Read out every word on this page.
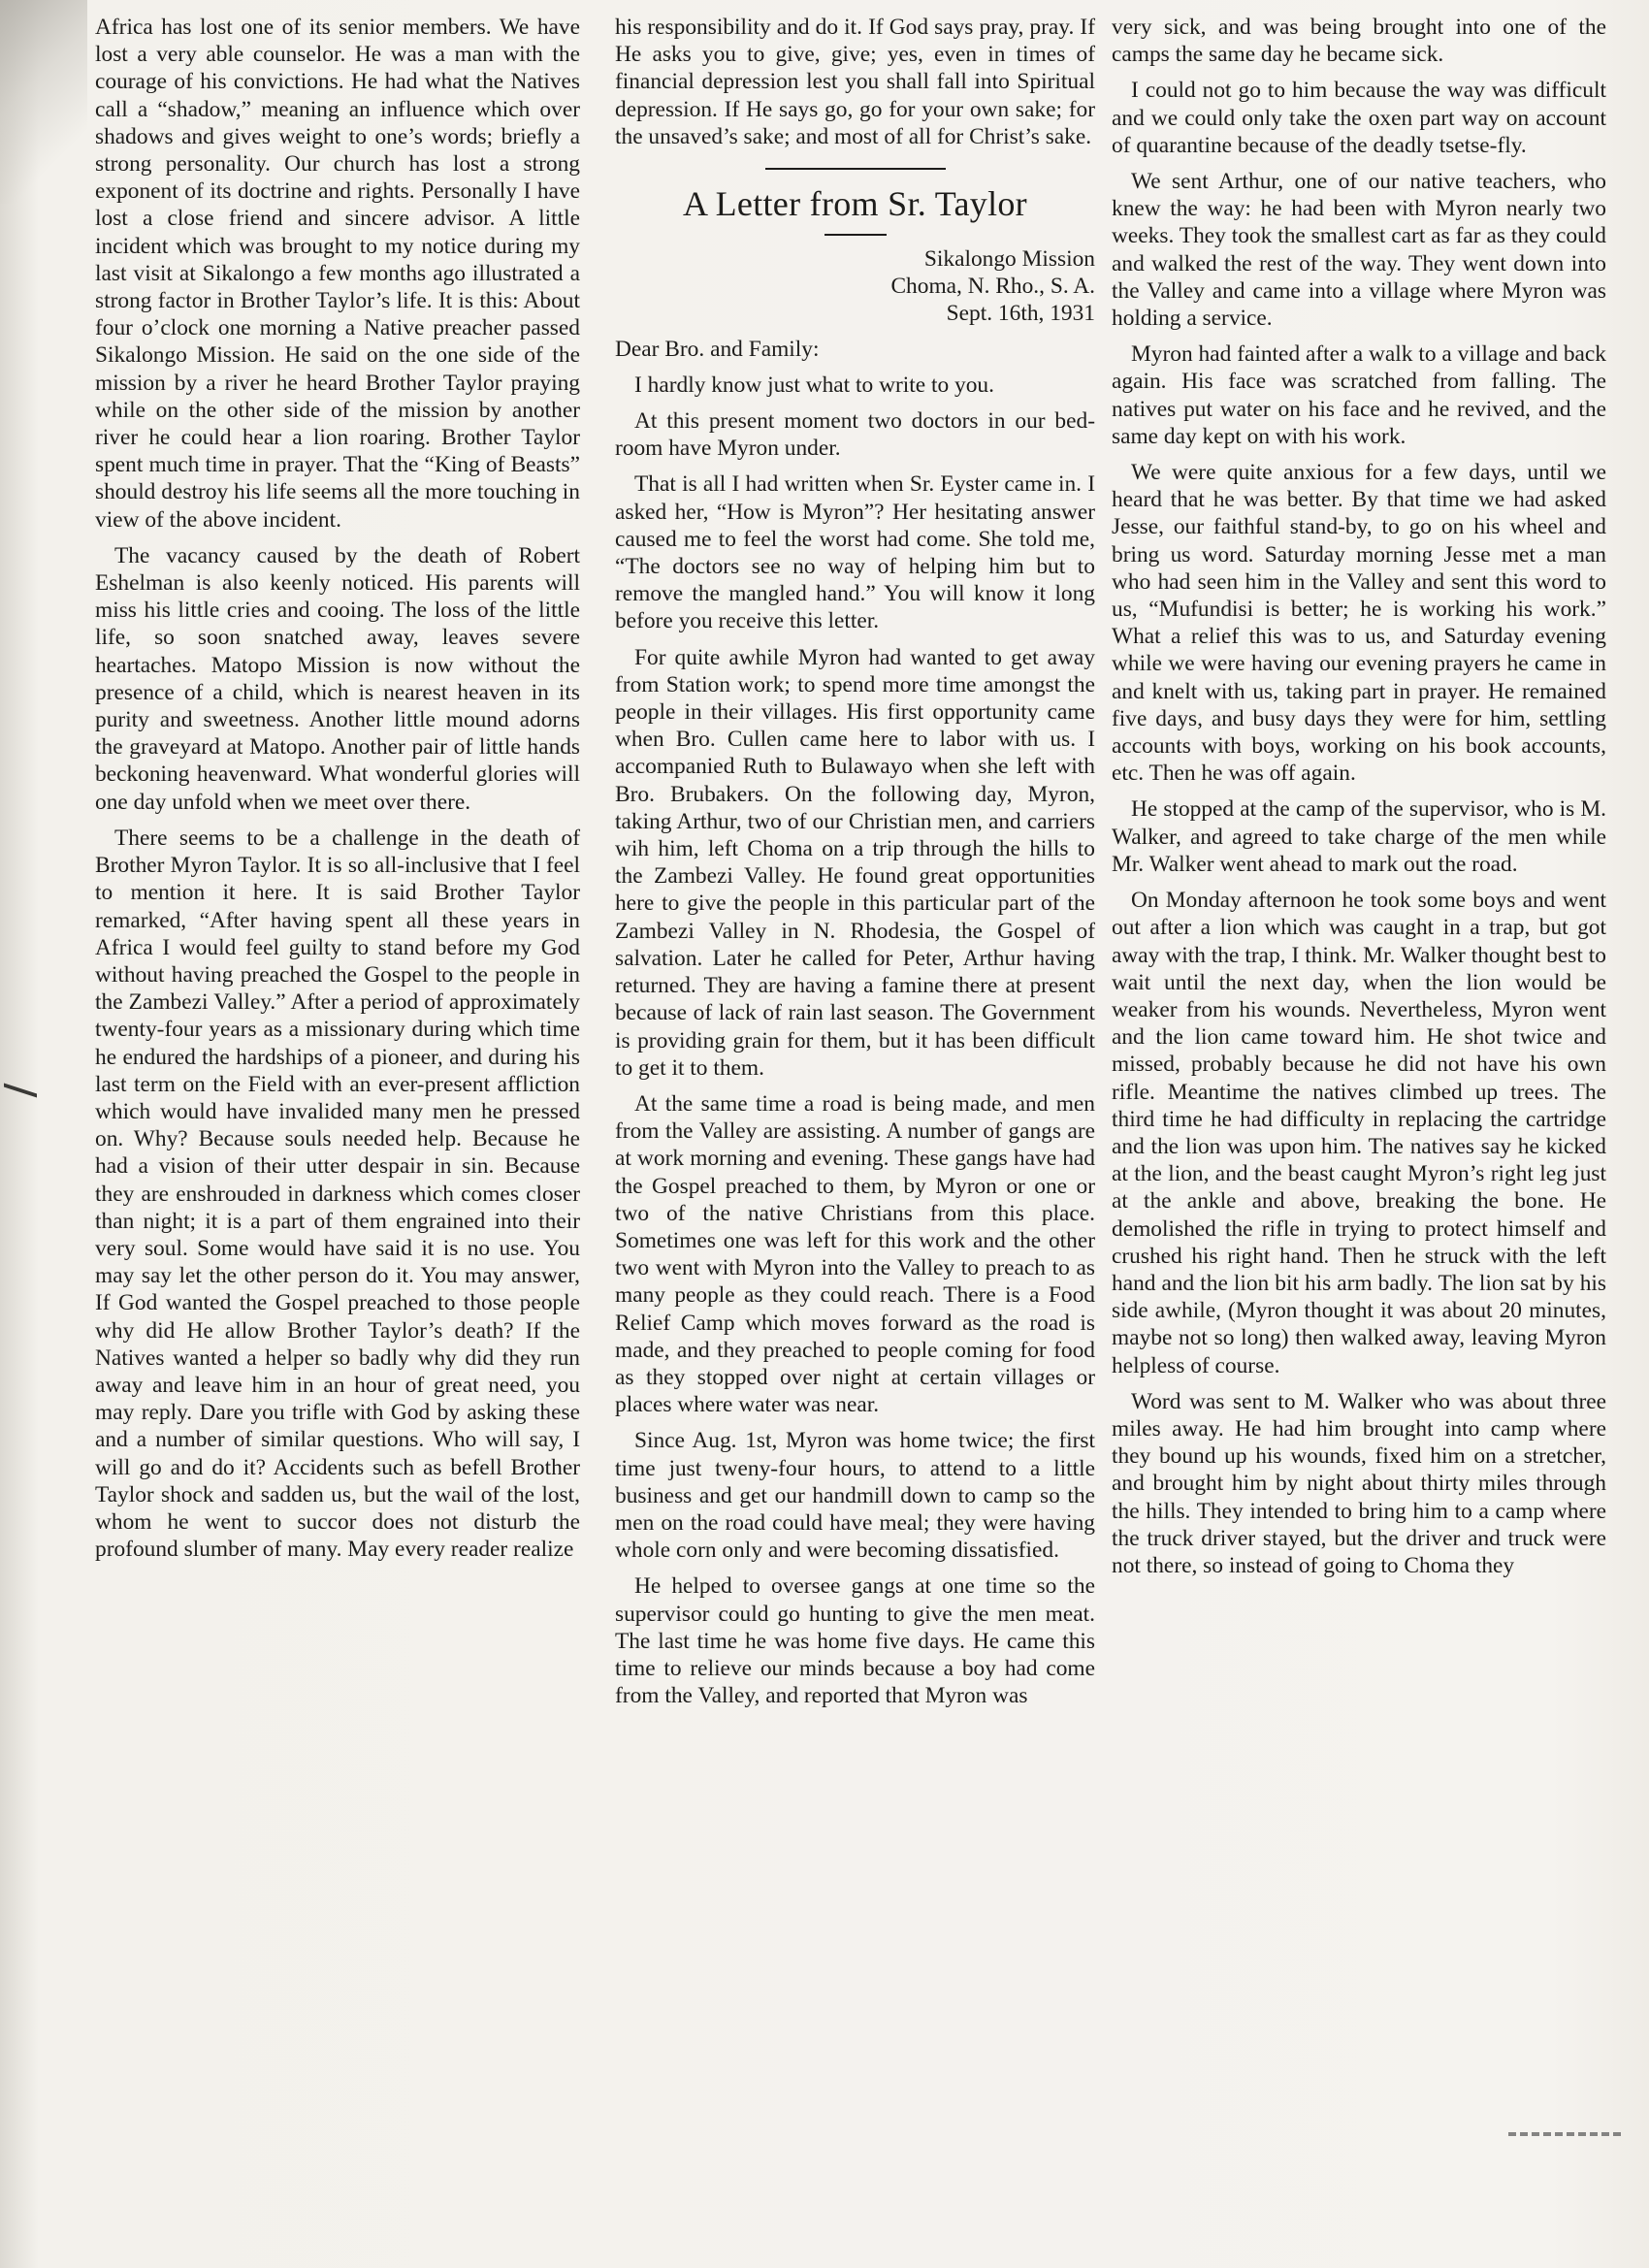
Africa has lost one of its senior members. We have lost a very able counselor. He was a man with the courage of his convictions. He had what the Natives call a “shadow,” meaning an influence which over shadows and gives weight to one’s words; briefly a strong personality. Our church has lost a strong exponent of its doctrine and rights. Personally I have lost a close friend and sincere advisor. A little incident which was brought to my notice during my last visit at Sikalongo a few months ago illustrated a strong factor in Brother Taylor’s life. It is this: About four o’clock one morning a Native preacher passed Sikalongo Mission. He said on the one side of the mission by a river he heard Brother Taylor praying while on the other side of the mission by another river he could hear a lion roaring. Brother Taylor spent much time in prayer. That the “King of Beasts” should destroy his life seems all the more touching in view of the above incident.

The vacancy caused by the death of Robert Eshelman is also keenly noticed. His parents will miss his little cries and cooing. The loss of the little life, so soon snatched away, leaves severe heartaches. Matopo Mission is now without the presence of a child, which is nearest heaven in its purity and sweetness. Another little mound adorns the graveyard at Matopo. Another pair of little hands beckoning heavenward. What wonderful glories will one day unfold when we meet over there.

There seems to be a challenge in the death of Brother Myron Taylor. It is so all-inclusive that I feel to mention it here. It is said Brother Taylor remarked, “After having spent all these years in Africa I would feel guilty to stand before my God without having preached the Gospel to the people in the Zambezi Valley.” After a period of approximately twenty-four years as a missionary during which time he endured the hardships of a pioneer, and during his last term on the Field with an ever-present affliction which would have invalided many men he pressed on. Why? Because souls needed help. Because he had a vision of their utter despair in sin. Because they are enshrouded in darkness which comes closer than night; it is a part of them engrained into their very soul. Some would have said it is no use. You may say let the other person do it. You may answer, If God wanted the Gospel preached to those people why did He allow Brother Taylor’s death? If the Natives wanted a helper so badly why did they run away and leave him in an hour of great need, you may reply. Dare you trifle with God by asking these and a number of similar questions. Who will say, I will go and do it? Accidents such as befell Brother Taylor shock and sadden us, but the wail of the lost, whom he went to succor does not disturb the profound slumber of many. May every reader realize

his responsibility and do it. If God says pray, pray. If He asks you to give, give; yes, even in times of financial depression lest you shall fall into Spiritual depression. If He says go, go for your own sake; for the unsaved’s sake; and most of all for Christ’s sake.

A Letter from Sr. Taylor
Sikalongo Mission
Choma, N. Rho., S. A.
Sept. 16th, 1931

Dear Bro. and Family:

I hardly know just what to write to you.

At this present moment two doctors in our bed-room have Myron under.

That is all I had written when Sr. Eyster came in. I asked her, “How is Myron”? Her hesitating answer caused me to feel the worst had come. She told me, “The doctors see no way of helping him but to remove the mangled hand.” You will know it long before you receive this letter.

For quite awhile Myron had wanted to get away from Station work; to spend more time amongst the people in their villages. His first opportunity came when Bro. Cullen came here to labor with us. I accompanied Ruth to Bulawayo when she left with Bro. Brubakers. On the following day, Myron, taking Arthur, two of our Christian men, and carriers wih him, left Choma on a trip through the hills to the Zambezi Valley. He found great opportunities here to give the people in this particular part of the Zambezi Valley in N. Rhodesia, the Gospel of salvation. Later he called for Peter, Arthur having returned. They are having a famine there at present because of lack of rain last season. The Government is providing grain for them, but it has been difficult to get it to them.

At the same time a road is being made, and men from the Valley are assisting. A number of gangs are at work morning and evening. These gangs have had the Gospel preached to them, by Myron or one or two of the native Christians from this place. Sometimes one was left for this work and the other two went with Myron into the Valley to preach to as many people as they could reach. There is a Food Relief Camp which moves forward as the road is made, and they preached to people coming for food as they stopped over night at certain villages or places where water was near.

Since Aug. 1st, Myron was home twice; the first time just tweny-four hours, to attend to a little business and get our handmill down to camp so the men on the road could have meal; they were having whole corn only and were becoming dissatisfied.

He helped to oversee gangs at one time so the supervisor could go hunting to give the men meat. The last time he was home five days. He came this time to relieve our minds because a boy had come from the Valley, and reported that Myron was

very sick, and was being brought into one of the camps the same day he became sick.

I could not go to him because the way was difficult and we could only take the oxen part way on account of quarantine because of the deadly tsetse-fly.

We sent Arthur, one of our native teachers, who knew the way: he had been with Myron nearly two weeks. They took the smallest cart as far as they could and walked the rest of the way. They went down into the Valley and came into a village where Myron was holding a service.

Myron had fainted after a walk to a village and back again. His face was scratched from falling. The natives put water on his face and he revived, and the same day kept on with his work.

We were quite anxious for a few days, until we heard that he was better. By that time we had asked Jesse, our faithful stand-by, to go on his wheel and bring us word. Saturday morning Jesse met a man who had seen him in the Valley and sent this word to us, “Mufundisi is better; he is working his work.” What a relief this was to us, and Saturday evening while we were having our evening prayers he came in and knelt with us, taking part in prayer. He remained five days, and busy days they were for him, settling accounts with boys, working on his book accounts, etc. Then he was off again.

He stopped at the camp of the supervisor, who is M. Walker, and agreed to take charge of the men while Mr. Walker went ahead to mark out the road.

On Monday afternoon he took some boys and went out after a lion which was caught in a trap, but got away with the trap, I think. Mr. Walker thought best to wait until the next day, when the lion would be weaker from his wounds. Nevertheless, Myron went and the lion came toward him. He shot twice and missed, probably because he did not have his own rifle. Meantime the natives climbed up trees. The third time he had difficulty in replacing the cartridge and the lion was upon him. The natives say he kicked at the lion, and the beast caught Myron’s right leg just at the ankle and above, breaking the bone. He demolished the rifle in trying to protect himself and crushed his right hand. Then he struck with the left hand and the lion bit his arm badly. The lion sat by his side awhile, (Myron thought it was about 20 minutes, maybe not so long) then walked away, leaving Myron helpless of course.

Word was sent to M. Walker who was about three miles away. He had him brought into camp where they bound up his wounds, fixed him on a stretcher, and brought him by night about thirty miles through the hills. They intended to bring him to a camp where the truck driver stayed, but the driver and truck were not there, so instead of going to Choma they
